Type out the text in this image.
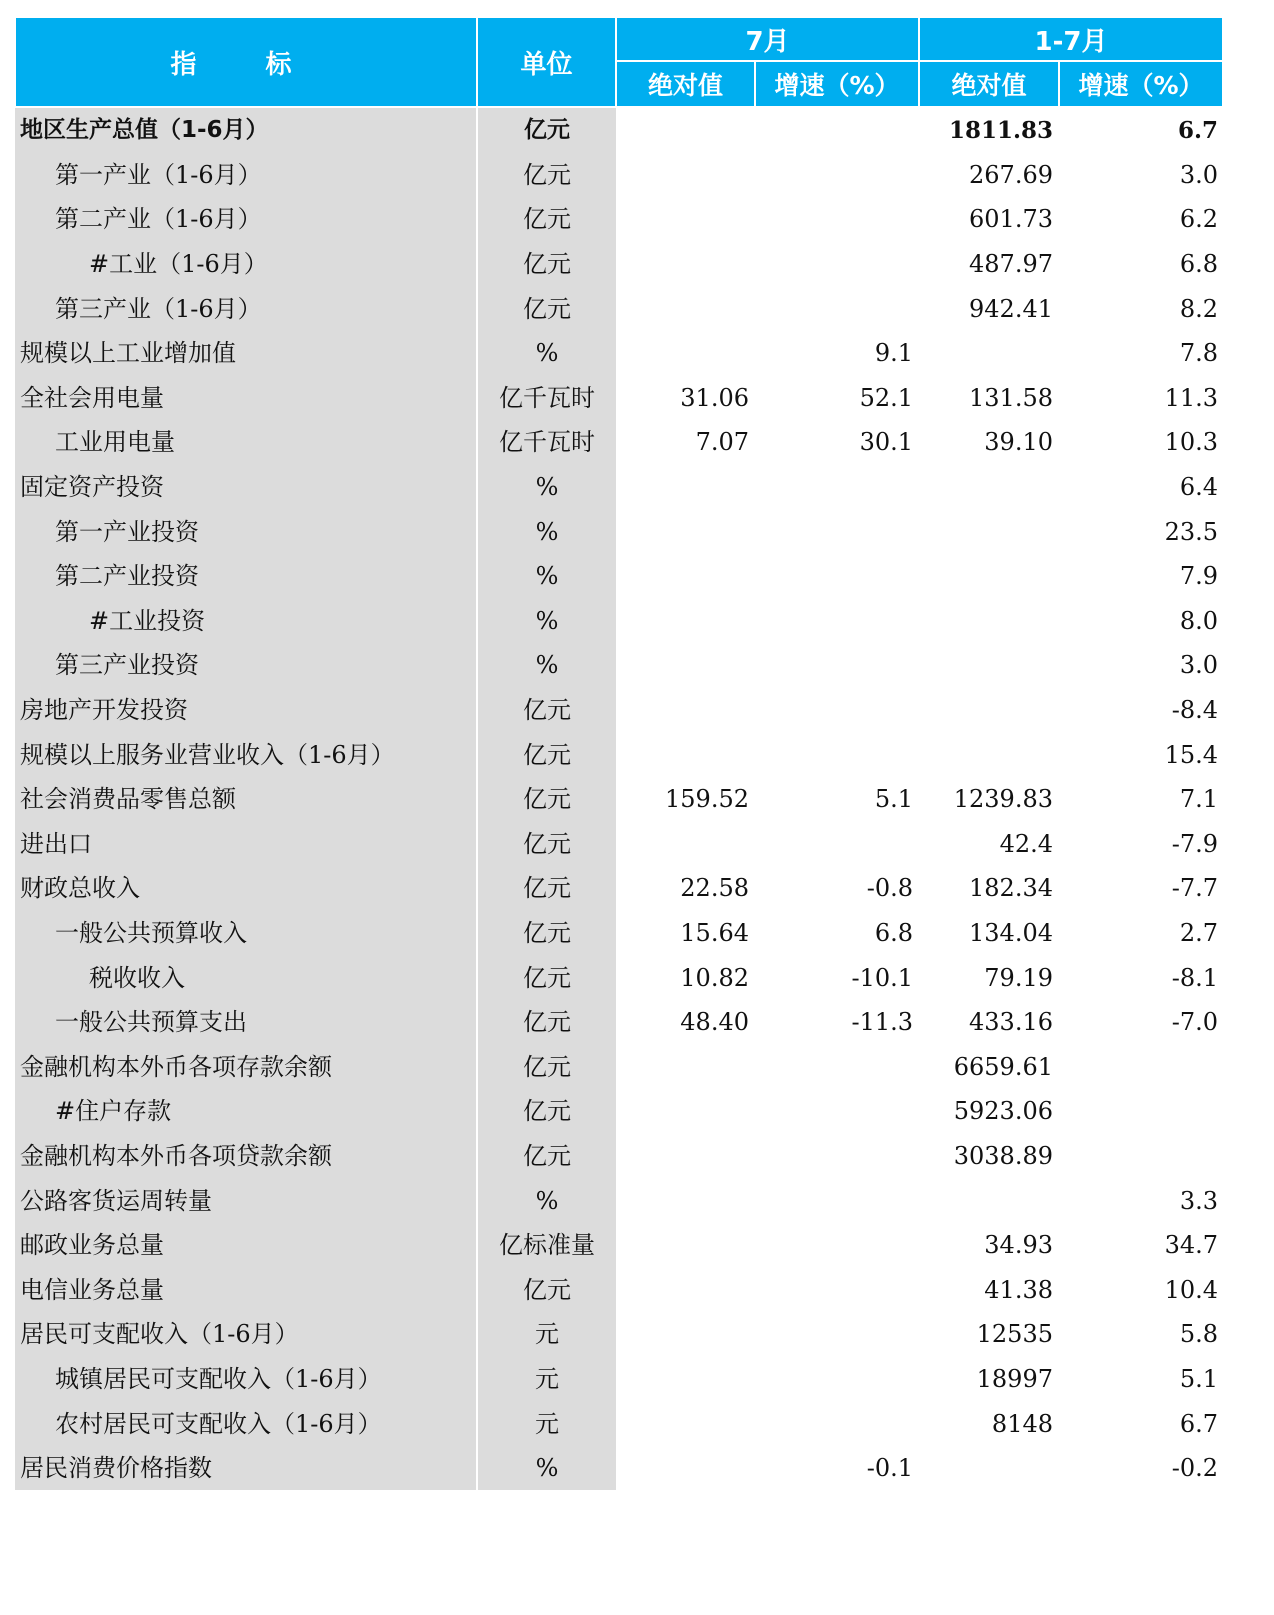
指 标	单位	7月		1-7月	
		绝对值	增速（%）	绝对值	增速（%）
地区生产总值（1-6月）	亿元			1811.83	6.7
第一产业（1-6月）	亿元			267.69	3.0
第二产业（1-6月）	亿元			601.73	6.2
#工业（1-6月）	亿元			487.97	6.8
第三产业（1-6月）	亿元			942.41	8.2
规模以上工业增加值	%		9.1		7.8
全社会用电量	亿千瓦时	31.06	52.1	131.58	11.3
工业用电量	亿千瓦时	7.07	30.1	39.10	10.3
固定资产投资	%				6.4
第一产业投资	%				23.5
第二产业投资	%				7.9
#工业投资	%				8.0
第三产业投资	%				3.0
房地产开发投资	亿元				-8.4
规模以上服务业营业收入（1-6月）	亿元				15.4
社会消费品零售总额	亿元	159.52	5.1	1239.83	7.1
进出口	亿元			42.4	-7.9
财政总收入	亿元	22.58	-0.8	182.34	-7.7
一般公共预算收入	亿元	15.64	6.8	134.04	2.7
税收收入	亿元	10.82	-10.1	79.19	-8.1
一般公共预算支出	亿元	48.40	-11.3	433.16	-7.0
金融机构本外币各项存款余额	亿元			6659.61	
#住户存款	亿元			5923.06	
金融机构本外币各项贷款余额	亿元			3038.89	
公路客货运周转量	%				3.3
邮政业务总量	亿标准量			34.93	34.7
电信业务总量	亿元			41.38	10.4
居民可支配收入（1-6月）	元			12535	5.8
城镇居民可支配收入（1-6月）	元			18997	5.1
农村居民可支配收入（1-6月）	元			8148	6.7
居民消费价格指数	%		-0.1		-0.2
